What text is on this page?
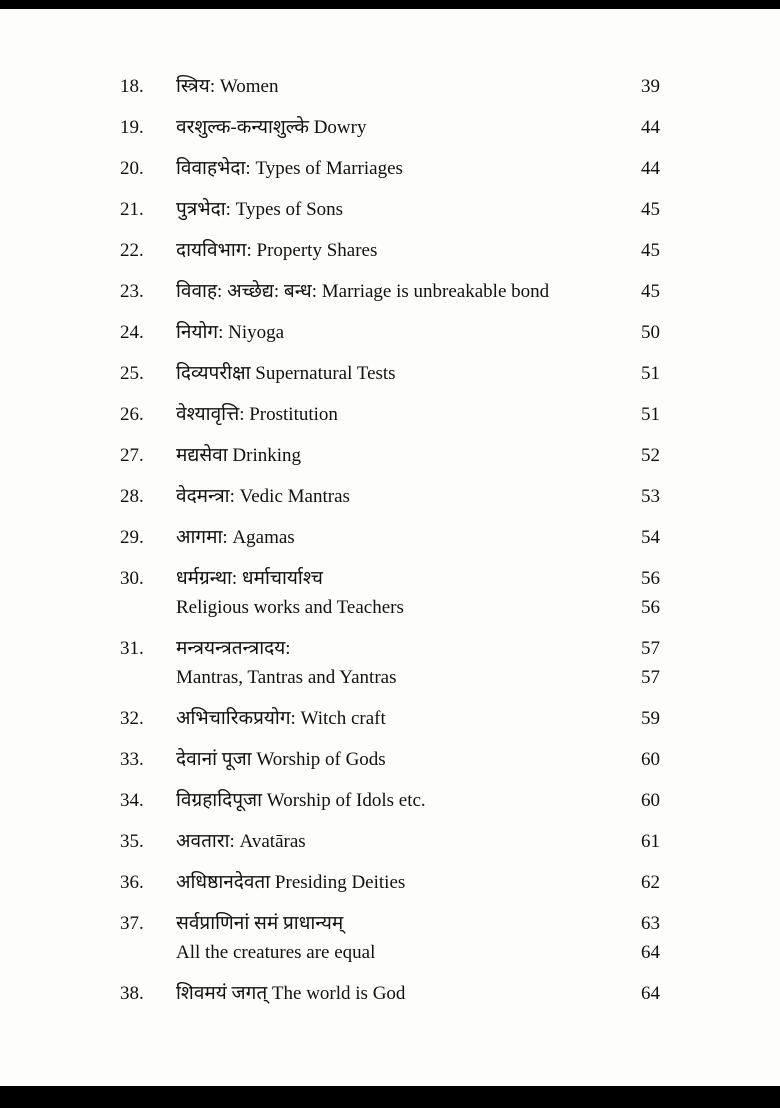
18.	स्त्रिय: Women	39
19.	वरशुल्क-कन्याशुल्के Dowry	44
20.	विवाहभेदा: Types of Marriages	44
21.	पुत्रभेदा: Types of Sons	45
22.	दायविभाग: Property Shares	45
23.	विवाह: अच्छेद्य: बन्ध: Marriage is unbreakable bond	45
24.	नियोग: Niyoga	50
25.	दिव्यपरीक्षा Supernatural Tests	51
26.	वेश्यावृत्ति: Prostitution	51
27.	मद्यसेवा Drinking	52
28.	वेदमन्त्रा: Vedic Mantras	53
29.	आगमा: Agamas	54
30.	धर्मग्रन्था: धर्माचार्याश्च	56
Religious works and Teachers	56
31.	मन्त्रयन्त्रतन्त्रादय:	57
Mantras, Tantras and Yantras	57
32.	अभिचारिकप्रयोग: Witch craft	59
33.	देवानां पूजा Worship of Gods	60
34.	विग्रहादिपूजा Worship of Idols etc.	60
35.	अवतारा: Avatāras	61
36.	अधिष्ठानदेवता Presiding Deities	62
37.	सर्वप्राणिनां समं प्राधान्यम्	63
All the creatures are equal	64
38.	शिवमयं जगत् The world is God	64
